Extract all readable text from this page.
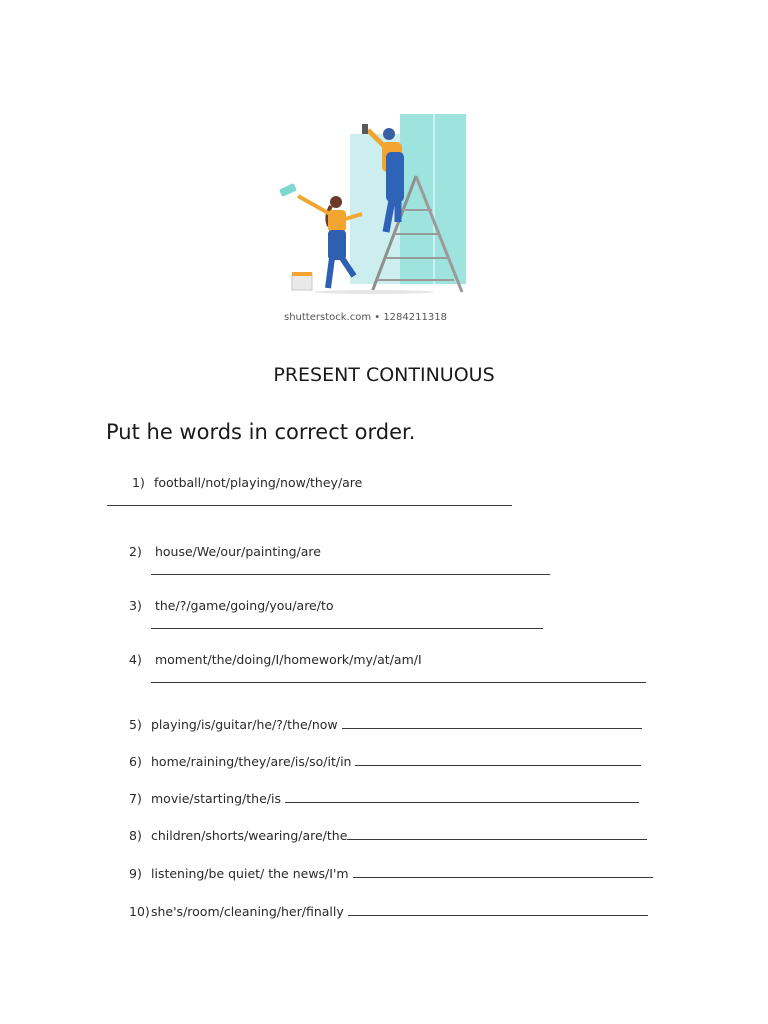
shutterstock.com • 1284211318
PRESENT CONTINUOUS
Put he words in correct order.
1) football/not/playing/now/they/are
2) house/We/our/painting/are
3) the/?/game/going/you/are/to
4) moment/the/doing/I/homework/my/at/am/I
5) playing/is/guitar/he/?/the/now
6) home/raining/they/are/is/so/it/in
7) movie/starting/the/is
8) children/shorts/wearing/are/the
9) listening/be quiet/ the news/I'm
10)she's/room/cleaning/her/finally
